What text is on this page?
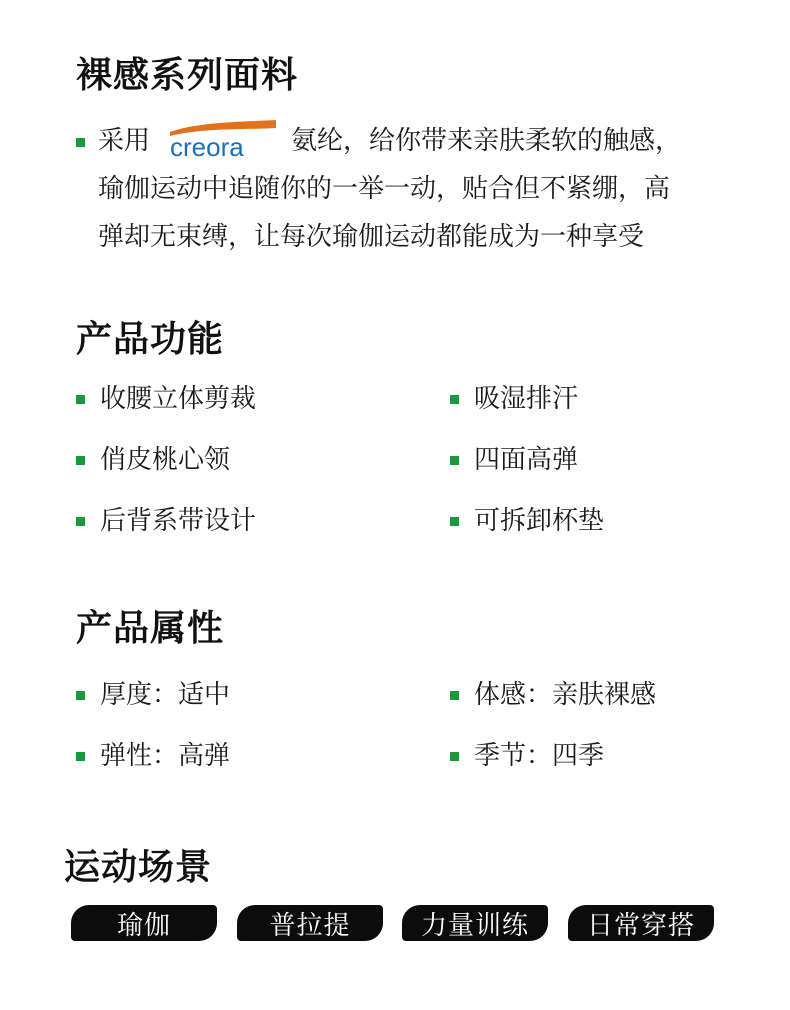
裸感系列面料
采用 creora 氨纶，给你带来亲肤柔软的触感，
瑜伽运动中追随你的一举一动，贴合但不紧绷，高
弹却无束缚，让每次瑜伽运动都能成为一种享受
产品功能
收腰立体剪裁	吸湿排汗
俏皮桃心领	四面高弹
后背系带设计	可拆卸杯垫
产品属性
厚度：适中	体感：亲肤裸感
弹性：高弹	季节：四季
运动场景
瑜伽	普拉提	力量训练	日常穿搭
